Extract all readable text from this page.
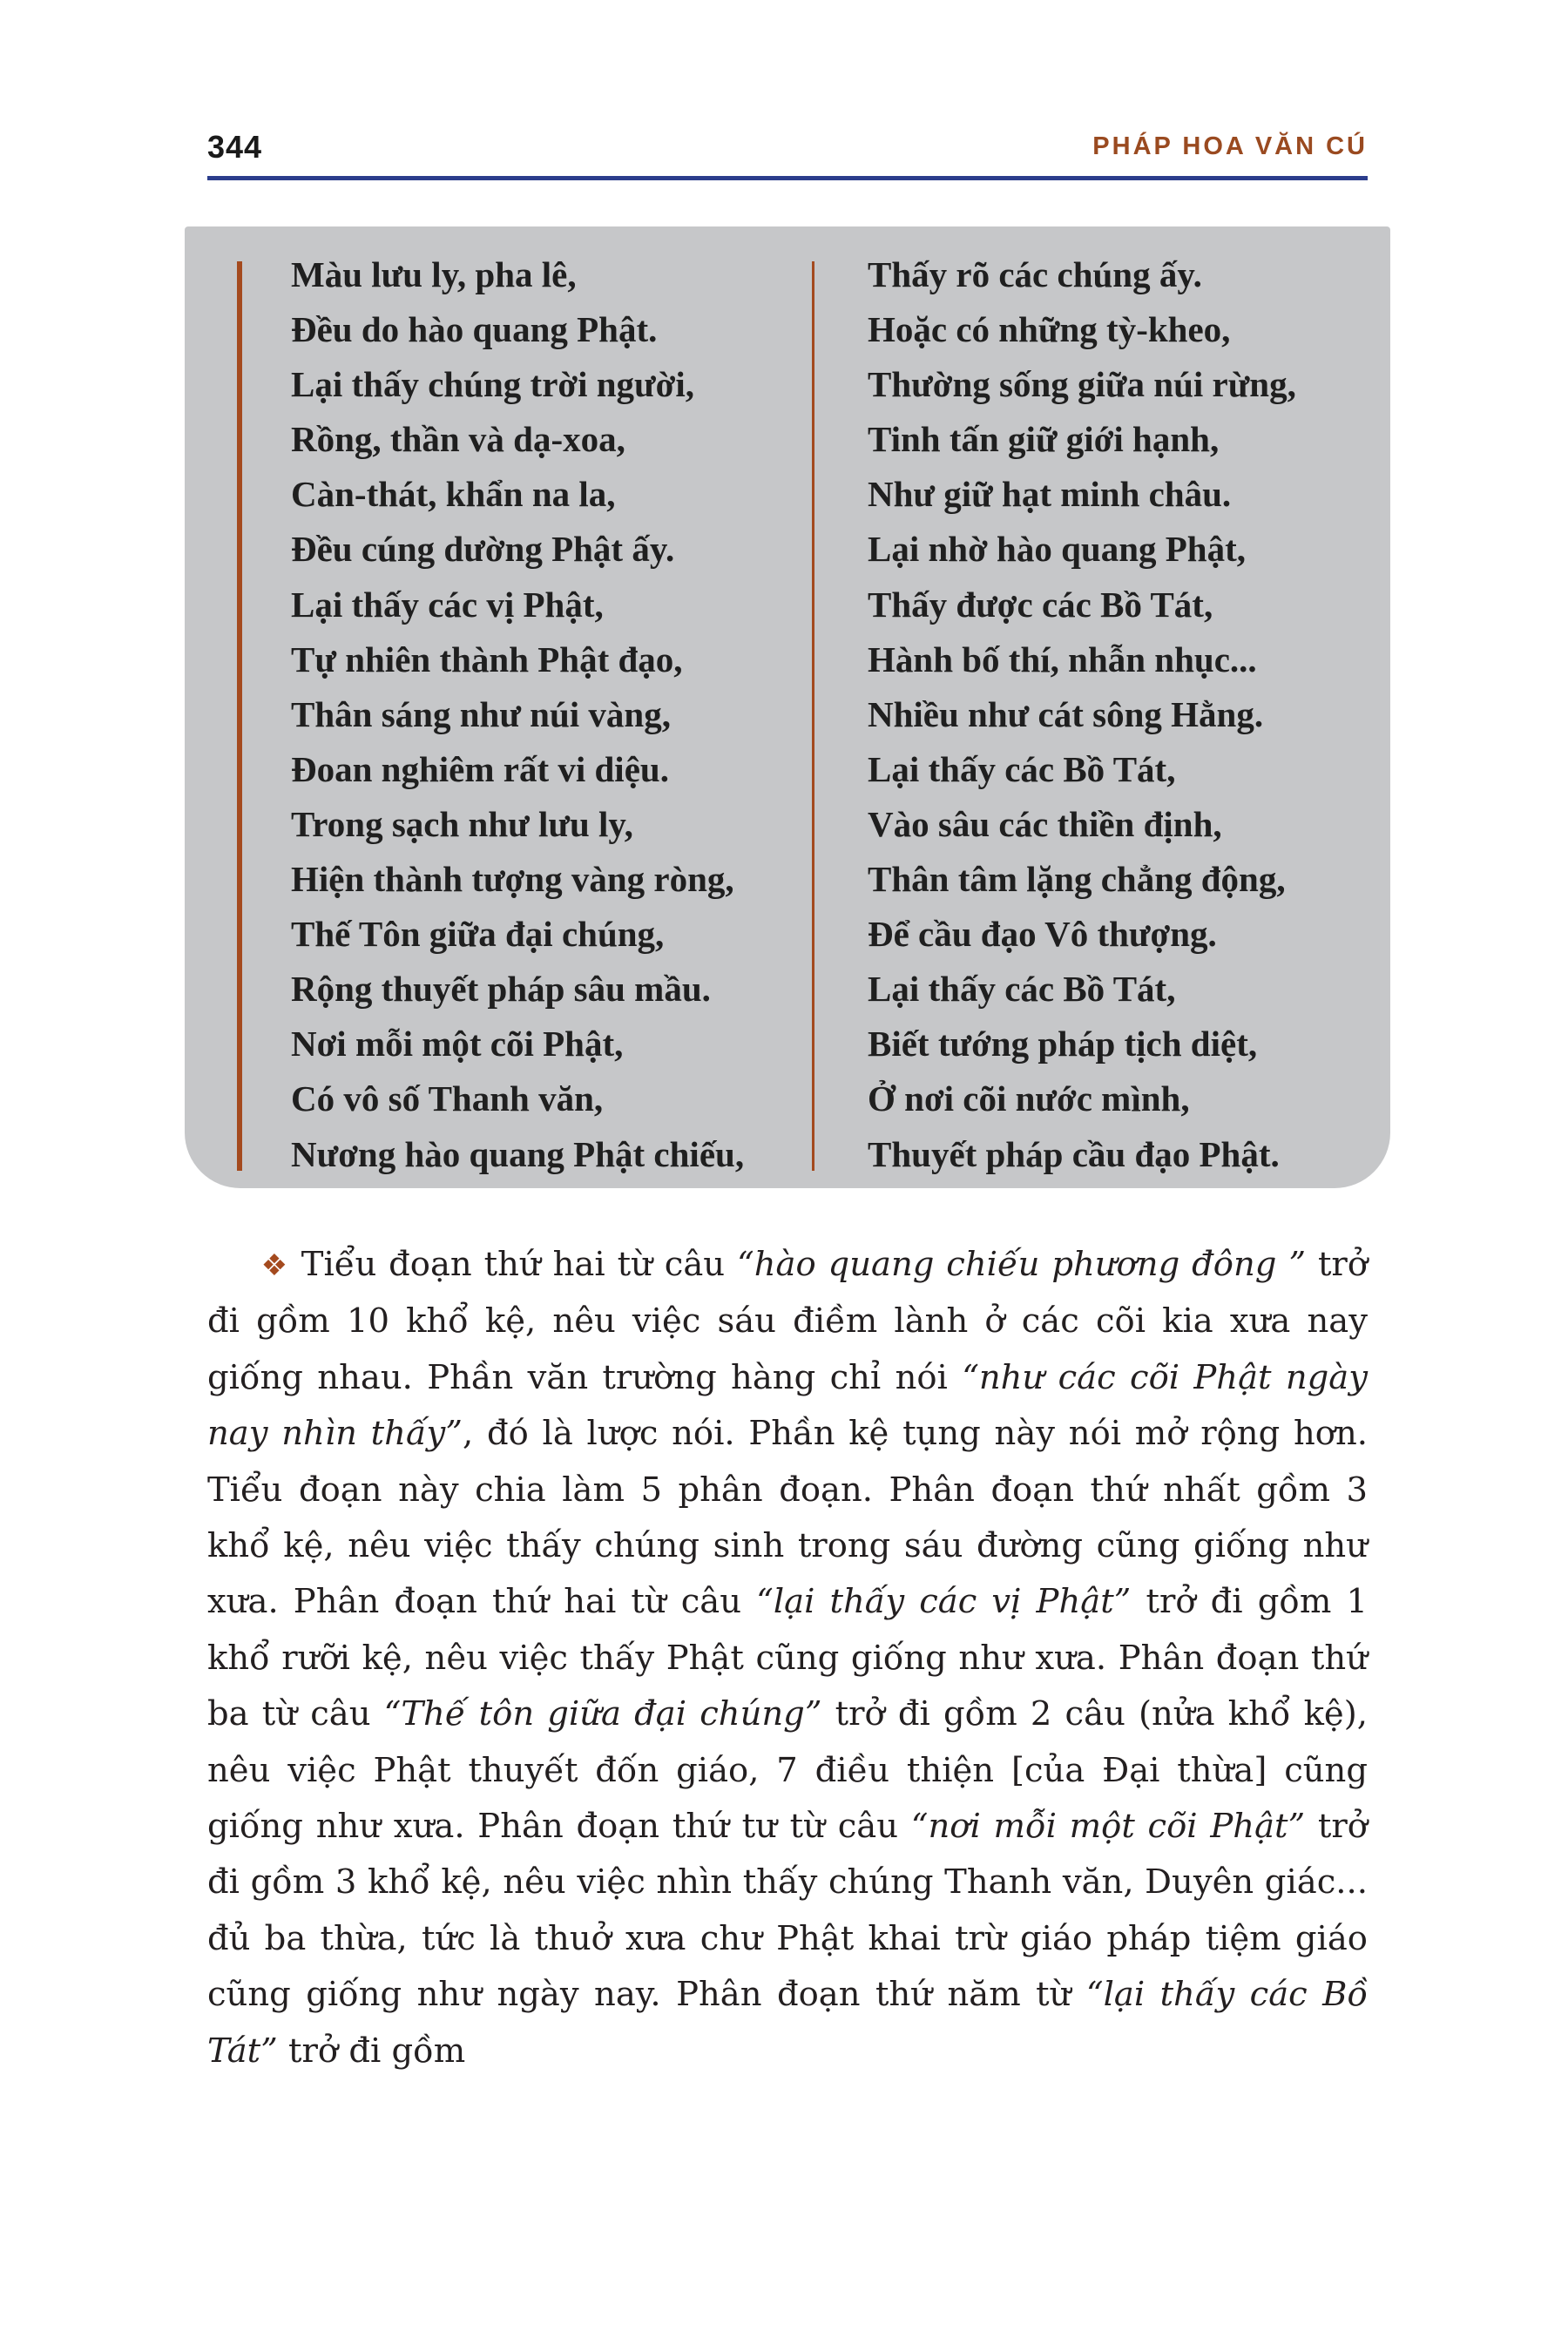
344	PHÁP HOA VĂN CÚ
Màu lưu ly, pha lê,
Đều do hào quang Phật.
Lại thấy chúng trời người,
Rồng, thần và dạ-xoa,
Càn-thát, khẩn na la,
Đều cúng dường Phật ấy.
Lại thấy các vị Phật,
Tự nhiên thành Phật đạo,
Thân sáng như núi vàng,
Đoan nghiêm rất vi diệu.
Trong sạch như lưu ly,
Hiện thành tượng vàng ròng,
Thế Tôn giữa đại chúng,
Rộng thuyết pháp sâu mầu.
Nơi mỗi một cõi Phật,
Có vô số Thanh văn,
Nương hào quang Phật chiếu,
Thấy rõ các chúng ấy.
Hoặc có những tỳ-kheo,
Thường sống giữa núi rừng,
Tinh tấn giữ giới hạnh,
Như giữ hạt minh châu.
Lại nhờ hào quang Phật,
Thấy được các Bồ Tát,
Hành bố thí, nhẫn nhục...
Nhiều như cát sông Hằng.
Lại thấy các Bồ Tát,
Vào sâu các thiền định,
Thân tâm lặng chẳng động,
Để cầu đạo Vô thượng.
Lại thấy các Bồ Tát,
Biết tướng pháp tịch diệt,
Ở nơi cõi nước mình,
Thuyết pháp cầu đạo Phật.

❖ Tiểu đoạn thứ hai từ câu “hào quang chiếu phương đông ” trở đi gồm 10 khổ kệ, nêu việc sáu điềm lành ở các cõi kia xưa nay giống nhau. Phần văn trường hàng chỉ nói “như các cõi Phật ngày nay nhìn thấy”, đó là lược nói. Phần kệ tụng này nói mở rộng hơn. Tiểu đoạn này chia làm 5 phân đoạn. Phân đoạn thứ nhất gồm 3 khổ kệ, nêu việc thấy chúng sinh trong sáu đường cũng giống như xưa. Phân đoạn thứ hai từ câu “lại thấy các vị Phật” trở đi gồm 1 khổ rưỡi kệ, nêu việc thấy Phật cũng giống như xưa. Phân đoạn thứ ba từ câu “Thế tôn giữa đại chúng” trở đi gồm 2 câu (nửa khổ kệ), nêu việc Phật thuyết đốn giáo, 7 điều thiện [của Đại thừa] cũng giống như xưa. Phân đoạn thứ tư từ câu “nơi mỗi một cõi Phật” trở đi gồm 3 khổ kệ, nêu việc nhìn thấy chúng Thanh văn, Duyên giác... đủ ba thừa, tức là thuở xưa chư Phật khai trừ giáo pháp tiệm giáo cũng giống như ngày nay. Phân đoạn thứ năm từ “lại thấy các Bồ Tát” trở đi gồm
